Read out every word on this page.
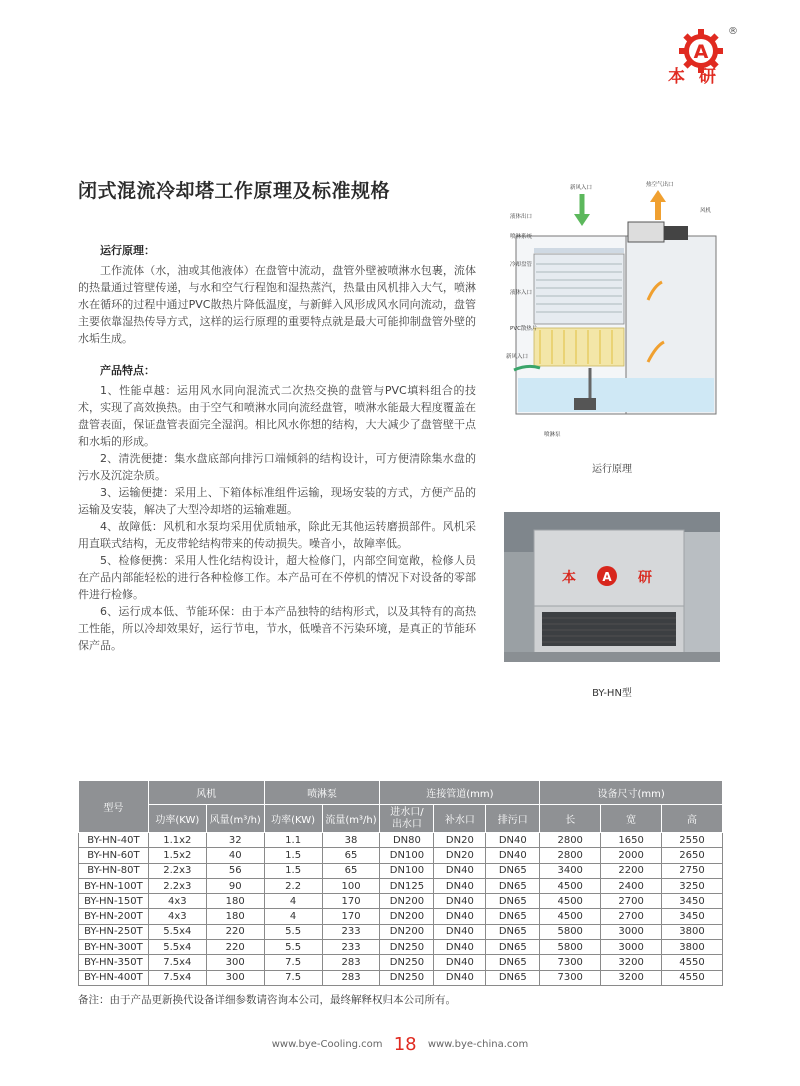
A
本研
®
闭式混流冷却塔工作原理及标准规格
运行原理：

工作流体（水，油或其他液体）在盘管中流动，盘管外壁被喷淋水包裹，流体的热量通过管壁传递，与水和空气行程饱和湿热蒸汽，热量由风机排入大气，喷淋水在循环的过程中通过PVC散热片降低温度，与新鲜入风形成风水同向流动，盘管主要依靠湿热传导方式，这样的运行原理的重要特点就是最大可能抑制盘管外壁的水垢生成。

产品特点：

1、性能卓越：运用风水同向混流式二次热交换的盘管与PVC填料组合的技术，实现了高效换热。由于空气和喷淋水同向流经盘管，喷淋水能最大程度覆盖在盘管表面，保证盘管表面完全湿润。相比风水你想的结构，大大减少了盘管壁干点和水垢的形成。

2、清洗便捷：集水盘底部向排污口端倾斜的结构设计，可方便清除集水盘的污水及沉淀杂质。

3、运输便捷：采用上、下箱体标准组件运输，现场安装的方式，方便产品的运输及安装，解决了大型冷却塔的运输难题。

4、故障低：风机和水泵均采用优质轴承，除此无其他运转磨损部件。风机采用直联式结构，无皮带轮结构带来的传动损失。噪音小，故障率低。

5、检修便携：采用人性化结构设计，超大检修门，内部空间宽敞，检修人员在产品内部能轻松的进行各种检修工作。本产品可在不停机的情况下对设备的零部件进行检修。

6、运行成本低、节能环保：由于本产品独特的结构形式，以及其特有的高热工性能，所以冷却效果好，运行节电，节水，低噪音不污染环境，是真正的节能环保产品。

新风入口	热空气出口
风机
液体出口
喷淋系统
冷却盘管
液体入口
PVC散热片
新风入口
喷淋泵
运行原理
本 A 研
BY-HN型
型号	风机		喷淋泵		连接管道(mm)			设备尺寸(mm)		
	功率(KW)	风量(m³/h)	功率(KW)	流量(m³/h)	进水口/
出水口	补水口	排污口	长	宽	高
BY-HN-40T	1.1x2	32	1.1	38	DN80	DN20	DN40	2800	1650	2550
BY-HN-60T	1.5x2	40	1.5	65	DN100	DN20	DN40	2800	2000	2650
BY-HN-80T	2.2x3	56	1.5	65	DN100	DN40	DN65	3400	2200	2750
BY-HN-100T	2.2x3	90	2.2	100	DN125	DN40	DN65	4500	2400	3250
BY-HN-150T	4x3	180	4	170	DN200	DN40	DN65	4500	2700	3450
BY-HN-200T	4x3	180	4	170	DN200	DN40	DN65	4500	2700	3450
BY-HN-250T	5.5x4	220	5.5	233	DN200	DN40	DN65	5800	3000	3800
BY-HN-300T	5.5x4	220	5.5	233	DN250	DN40	DN65	5800	3000	3800
BY-HN-350T	7.5x4	300	7.5	283	DN250	DN40	DN65	7300	3200	4550
BY-HN-400T	7.5x4	300	7.5	283	DN250	DN40	DN65	7300	3200	4550
备注：由于产品更新换代设备详细参数请咨询本公司，最终解释权归本公司所有。
www.bye-Cooling.com 18 www.bye-china.com
